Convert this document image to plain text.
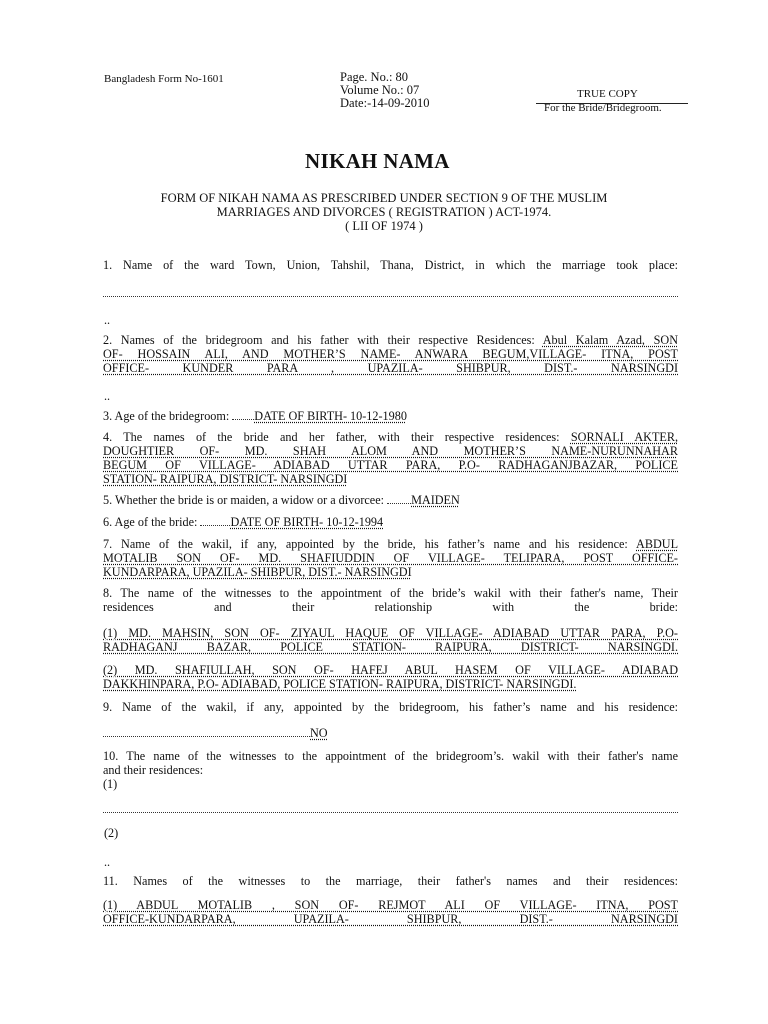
Bangladesh Form No-1601	Page. No.: 80
Volume No.: 07
Date:-14-09-2010
TRUE COPY
For the Bride/Bridegroom.
NIKAH NAMA
FORM OF NIKAH NAMA AS PRESCRIBED UNDER SECTION 9 OF THE MUSLIM
MARRIAGES AND DIVORCES ( REGISTRATION ) ACT-1974.
( LII OF 1974 )
1. Name of the ward Town, Union, Tahshil, Thana, District, in which the marriage took place:
..
2. Names of the bridegroom and his father with their respective Residences: Abul Kalam Azad, SON
OF- HOSSAIN ALI, AND MOTHER’S NAME- ANWARA BEGUM,VILLAGE- ITNA, POST
OFFICE- KUNDER PARA , UPAZILA- SHIBPUR, DIST.- NARSINGDI
..
3. Age of the bridegroom: DATE OF BIRTH- 10-12-1980
4. The names of the bride and her father, with their respective residences: SORNALI AKTER,
DOUGHTIER OF- MD. SHAH ALOM AND MOTHER’S NAME-NURUNNAHAR
BEGUM OF VILLAGE- ADIABAD UTTAR PARA, P.O- RADHAGANJBAZAR, POLICE
STATION- RAIPURA, DISTRICT- NARSINGDI
5. Whether the bride is or maiden, a widow or a divorcee: MAIDEN
6. Age of the bride:	DATE OF BIRTH- 10-12-1994
7. Name of the wakil, if any, appointed by the bride, his father’s name and his residence: ABDUL
MOTALIB SON OF- MD. SHAFIUDDIN OF VILLAGE- TELIPARA, POST OFFICE-
KUNDARPARA, UPAZILA- SHIBPUR, DIST.- NARSINGDI
8. The name of the witnesses to the appointment of the bride’s wakil with their father's name, Their
residences and their relationship with the bride:
(1) MD. MAHSIN, SON OF- ZIYAUL HAQUE OF VILLAGE- ADIABAD UTTAR PARA, P.O-
RADHAGANJ BAZAR, POLICE STATION- RAIPURA, DISTRICT- NARSINGDI.
(2) MD. SHAFIULLAH, SON OF- HAFEJ ABUL HASEM OF VILLAGE- ADIABAD
DAKKHINPARA, P.O- ADIABAD, POLICE STATION- RAIPURA, DISTRICT- NARSINGDI.
9. Name of the wakil, if any, appointed by the bridegroom, his father’s name and his residence:
NO
10. The name of the witnesses to the appointment of the bridegroom’s. wakil with their father's name
and their residences:
(1)
(2)
..
11. Names of the witnesses to the marriage, their father's names and their residences:
(1) ABDUL MOTALIB , SON OF- REJMOT ALI OF VILLAGE- ITNA, POST
OFFICE-KUNDARPARA, UPAZILA- SHIBPUR, DIST.- NARSINGDI
